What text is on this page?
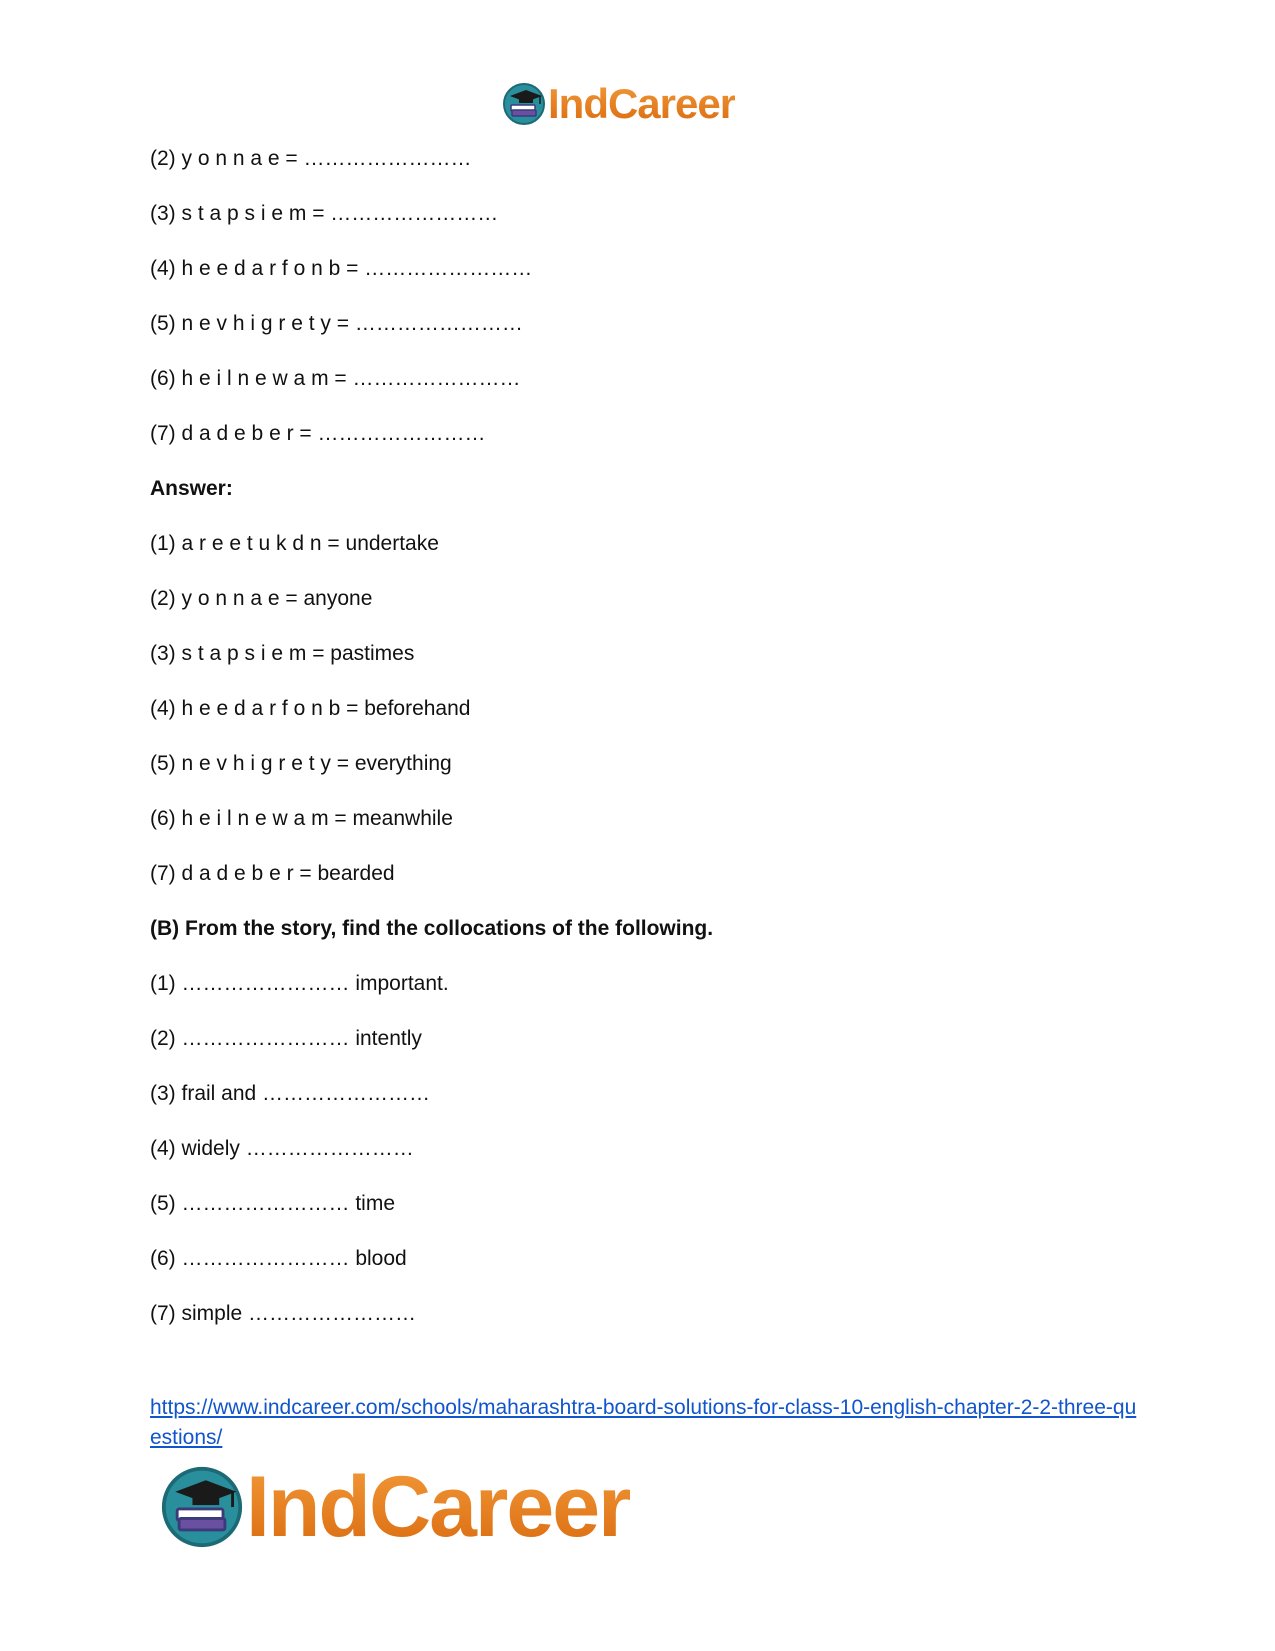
IndCareer
(2) y o n n a e = ……………………
(3) s t a p s i e m = ……………………
(4) h e e d a r f o n b = ……………………
(5) n e v h i g r e t y = ……………………
(6) h e i l n e w a m = ……………………
(7) d a d e b e r = ……………………
Answer:
(1) a r e e t u k d n = undertake
(2) y o n n a e = anyone
(3) s t a p s i e m = pastimes
(4) h e e d a r f o n b = beforehand
(5) n e v h i g r e t y = everything
(6) h e i l n e w a m = meanwhile
(7) d a d e b e r = bearded
(B) From the story, find the collocations of the following.
(1) …………………… important.
(2) …………………… intently
(3) frail and ……………………
(4) widely ……………………
(5) …………………… time
(6) …………………… blood
(7) simple ……………………
https://www.indcareer.com/schools/maharashtra-board-solutions-for-class-10-english-chapter-2-2-three-questions/
IndCareer
